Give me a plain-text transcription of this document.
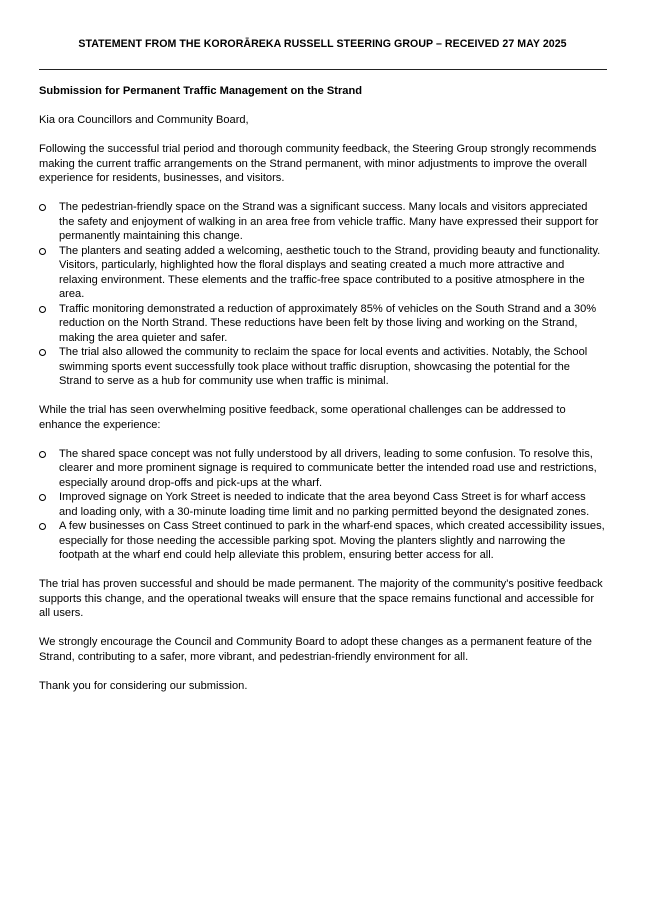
STATEMENT FROM THE KORORĀREKA RUSSELL STEERING GROUP – RECEIVED 27 MAY 2025
Submission for Permanent Traffic Management on the Strand

Kia ora Councillors and Community Board,

Following the successful trial period and thorough community feedback, the Steering Group strongly recommends making the current traffic arrangements on the Strand permanent, with minor adjustments to improve the overall experience for residents, businesses, and visitors.

The pedestrian-friendly space on the Strand was a significant success. Many locals and visitors appreciated the safety and enjoyment of walking in an area free from vehicle traffic. Many have expressed their support for permanently maintaining this change.
The planters and seating added a welcoming, aesthetic touch to the Strand, providing beauty and functionality. Visitors, particularly, highlighted how the floral displays and seating created a much more attractive and relaxing environment. These elements and the traffic-free space contributed to a positive atmosphere in the area.
Traffic monitoring demonstrated a reduction of approximately 85% of vehicles on the South Strand and a 30% reduction on the North Strand. These reductions have been felt by those living and working on the Strand, making the area quieter and safer.
The trial also allowed the community to reclaim the space for local events and activities. Notably, the School swimming sports event successfully took place without traffic disruption, showcasing the potential for the Strand to serve as a hub for community use when traffic is minimal.

While the trial has seen overwhelming positive feedback, some operational challenges can be addressed to enhance the experience:

The shared space concept was not fully understood by all drivers, leading to some confusion. To resolve this, clearer and more prominent signage is required to communicate better the intended road use and restrictions, especially around drop-offs and pick-ups at the wharf.
Improved signage on York Street is needed to indicate that the area beyond Cass Street is for wharf access and loading only, with a 30-minute loading time limit and no parking permitted beyond the designated zones.
A few businesses on Cass Street continued to park in the wharf-end spaces, which created accessibility issues, especially for those needing the accessible parking spot. Moving the planters slightly and narrowing the footpath at the wharf end could help alleviate this problem, ensuring better access for all.

The trial has proven successful and should be made permanent. The majority of the community's positive feedback supports this change, and the operational tweaks will ensure that the space remains functional and accessible for all users.

We strongly encourage the Council and Community Board to adopt these changes as a permanent feature of the Strand, contributing to a safer, more vibrant, and pedestrian-friendly environment for all.

Thank you for considering our submission.
